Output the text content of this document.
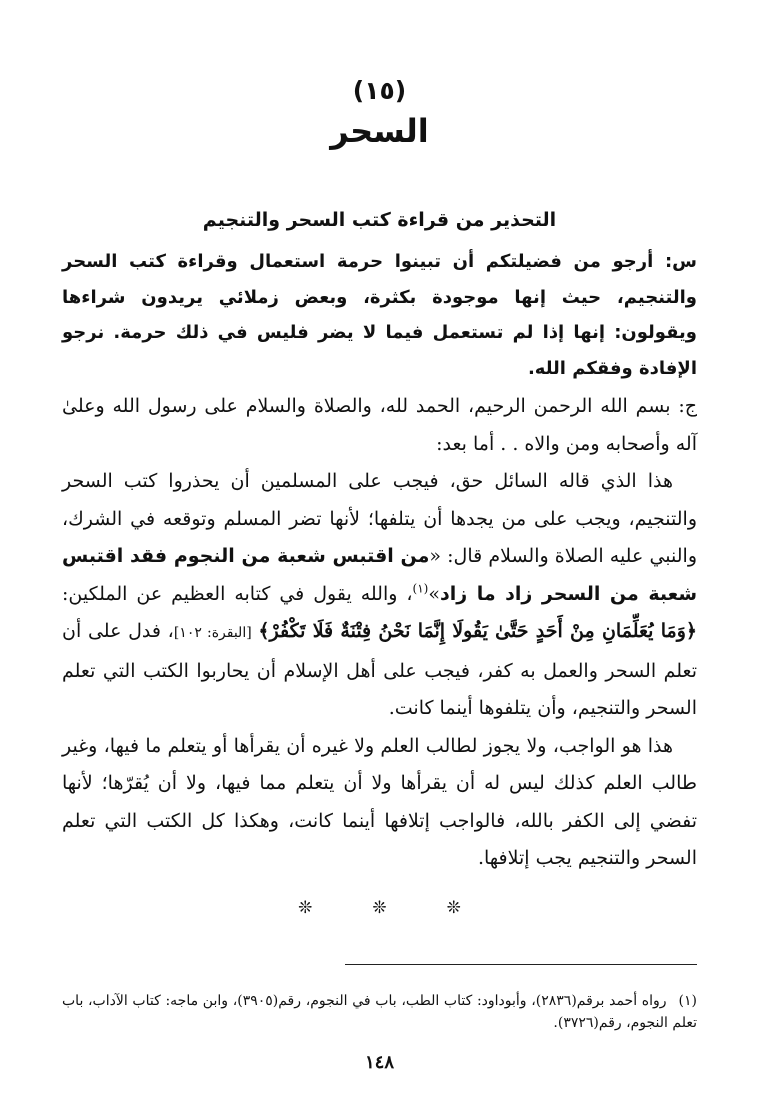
(١٥)
السحر
التحذير من قراءة كتب السحر والتنجيم

س: أرجو من فضيلتكم أن تبينوا حرمة استعمال وقراءة كتب السحر والتنجيم، حيث إنها موجودة بكثرة، وبعض زملائي يريدون شراءها ويقولون: إنها إذا لم تستعمل فيما لا يضر فليس في ذلك حرمة. نرجو الإفادة وفقكم الله.

ج: بسم الله الرحمن الرحيم، الحمد لله، والصلاة والسلام على رسول الله وعلىٰ آله وأصحابه ومن والاه . . أما بعد:

هذا الذي قاله السائل حق، فيجب على المسلمين أن يحذروا كتب السحر والتنجيم، ويجب على من يجدها أن يتلفها؛ لأنها تضر المسلم وتوقعه في الشرك، والنبي عليه الصلاة والسلام قال: «من اقتبس شعبة من النجوم فقد اقتبس شعبة من السحر زاد ما زاد»$^{(١)}$، والله يقول في كتابه العظيم عن الملكين: ﴿وَمَا يُعَلِّمَانِ مِنْ أَحَدٍ حَتَّىٰ يَقُولَا إِنَّمَا نَحْنُ فِتْنَةٌ فَلَا تَكْفُرْ﴾ [البقرة: ١٠٢]، فدل على أن تعلم السحر والعمل به كفر، فيجب على أهل الإسلام أن يحاربوا الكتب التي تعلم السحر والتنجيم، وأن يتلفوها أينما كانت.

هذا هو الواجب، ولا يجوز لطالب العلم ولا غيره أن يقرأها أو يتعلم ما فيها، وغير طالب العلم كذلك ليس له أن يقرأها ولا أن يتعلم مما فيها، ولا أن يُقرّها؛ لأنها تفضي إلى الكفر بالله، فالواجب إتلافها أينما كانت، وهكذا كل الكتب التي تعلم السحر والتنجيم يجب إتلافها.

❊❊❊
(١)رواه أحمد برقم(٢٨٣٦)، وأبوداود: كتاب الطب، باب في النجوم، رقم(٣٩٠٥)، وابن ماجه: كتاب الآداب، باب تعلم النجوم، رقم(٣٧٢٦).
١٤٨
